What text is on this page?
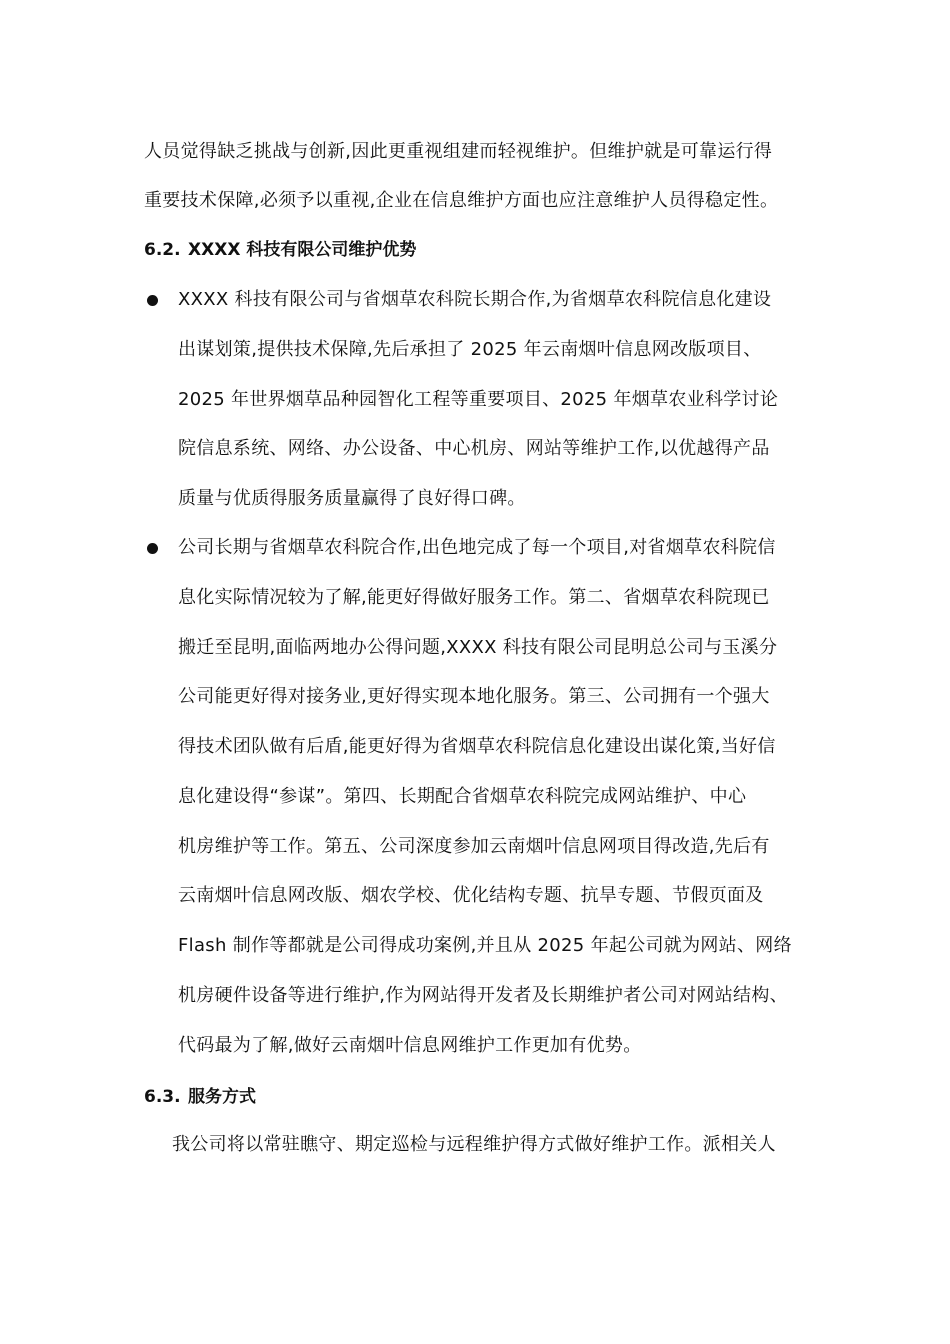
人员觉得缺乏挑战与创新,因此更重视组建而轻视维护。但维护就是可靠运行得
重要技术保障,必须予以重视,企业在信息维护方面也应注意维护人员得稳定性。
6.2. XXXX 科技有限公司维护优势
XXXX 科技有限公司与省烟草农科院长期合作,为省烟草农科院信息化建设
出谋划策,提供技术保障,先后承担了 2025 年云南烟叶信息网改版项目、
2025 年世界烟草品种园智化工程等重要项目、2025 年烟草农业科学讨论
院信息系统、网络、办公设备、中心机房、网站等维护工作,以优越得产品
质量与优质得服务质量赢得了良好得口碑。
公司长期与省烟草农科院合作,出色地完成了每一个项目,对省烟草农科院信
息化实际情况较为了解,能更好得做好服务工作。第二、省烟草农科院现已
搬迁至昆明,面临两地办公得问题,XXXX 科技有限公司昆明总公司与玉溪分
公司能更好得对接务业,更好得实现本地化服务。第三、公司拥有一个强大
得技术团队做有后盾,能更好得为省烟草农科院信息化建设出谋化策,当好信
息化建设得“参谋”。第四、长期配合省烟草农科院完成网站维护、中心
机房维护等工作。第五、公司深度参加云南烟叶信息网项目得改造,先后有
云南烟叶信息网改版、烟农学校、优化结构专题、抗旱专题、节假页面及
Flash 制作等都就是公司得成功案例,并且从 2025 年起公司就为网站、网络
机房硬件设备等进行维护,作为网站得开发者及长期维护者公司对网站结构、
代码最为了解,做好云南烟叶信息网维护工作更加有优势。
6.3. 服务方式
我公司将以常驻瞧守、期定巡检与远程维护得方式做好维护工作。派相关人
